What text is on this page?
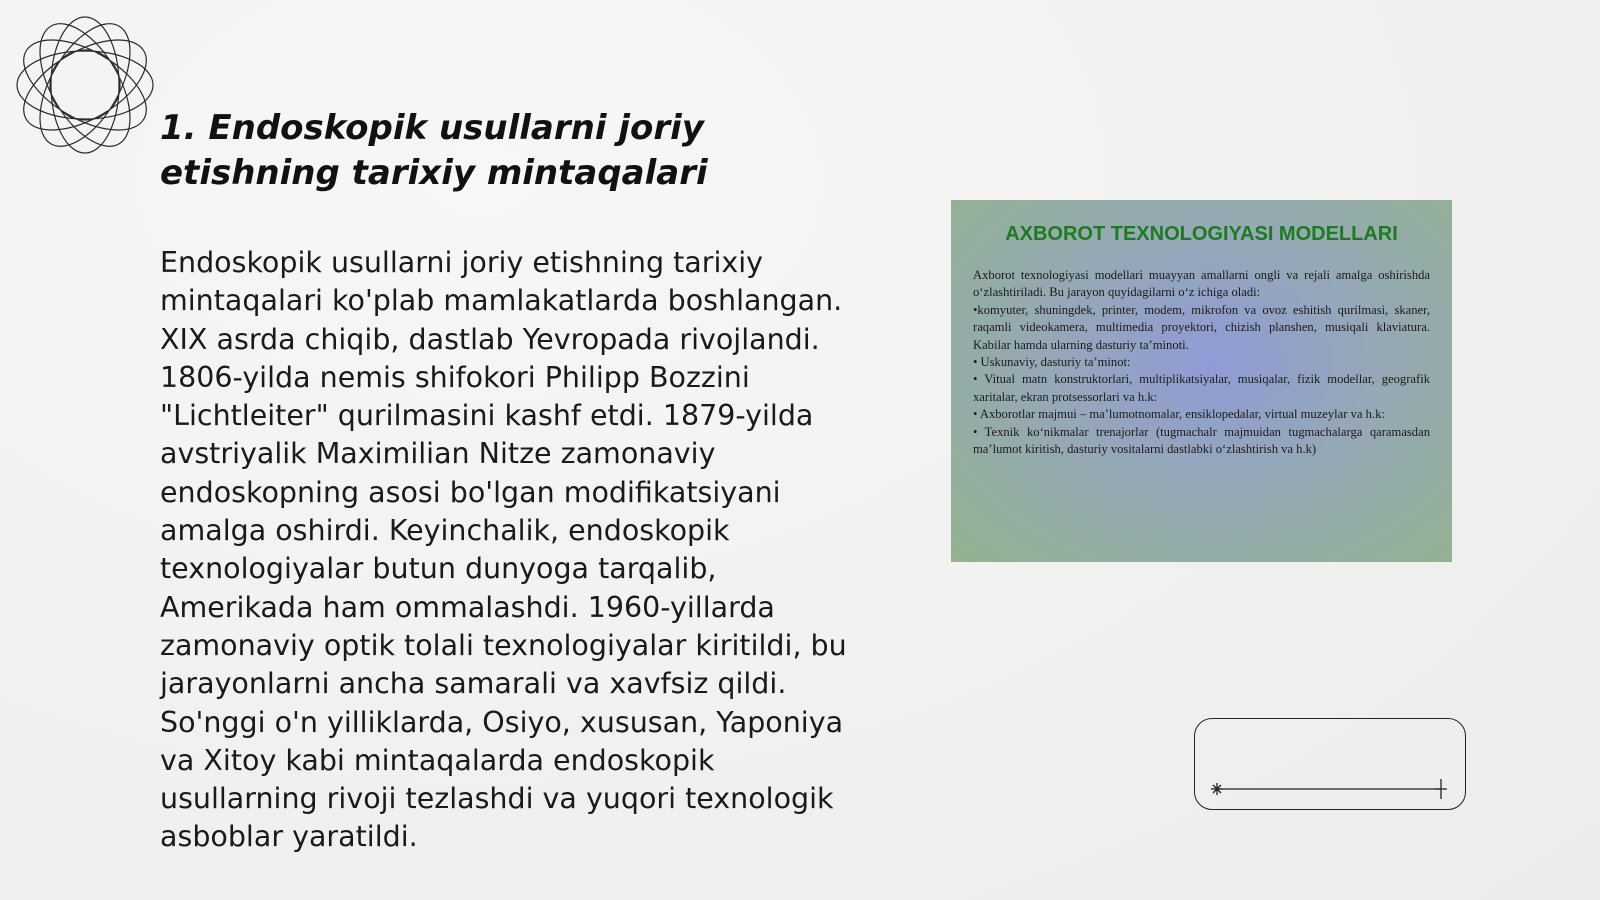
1. Endoskopik usullarni joriy etishning tarixiy mintaqalari

Endoskopik usullarni joriy etishning tarixiy mintaqalari ko'plab mamlakatlarda boshlangan. XIX asrda chiqib, dastlab Yevropada rivojlandi. 1806-yilda nemis shifokori Philipp Bozzini "Lichtleiter" qurilmasini kashf etdi. 1879-yilda avstriyalik Maximilian Nitze zamonaviy endoskopning asosi bo'lgan modifikatsiyani amalga oshirdi. Keyinchalik, endoskopik texnologiyalar butun dunyoga tarqalib, Amerikada ham ommalashdi. 1960-yillarda zamonaviy optik tolali texnologiyalar kiritildi, bu jarayonlarni ancha samarali va xavfsiz qildi. So'nggi o'n yilliklarda, Osiyo, xususan, Yaponiya va Xitoy kabi mintaqalarda endoskopik usullarning rivoji tezlashdi va yuqori texnologik asboblar yaratildi.

AXBOROT TEXNOLOGIYASI MODELLARI

Axborot texnologiyasi modellari muayyan amallarni ongli va rejali amalga oshirishda o‘zlashtiriladi. Bu jarayon quyidagilarni o‘z ichiga oladi:

•komyuter, shuningdek, printer, modem, mikrofon va ovoz eshitish qurilmasi, skaner, raqamli videokamera, multimedia proyektori, chizish planshen, musiqali klaviatura. Kabilar hamda ularning dasturiy ta’minoti.

• Uskunaviy, dasturiy ta’minot:

• Vitual matn konstruktorlari, multiplikatsiyalar, musiqalar, fizik modellar, geografik xaritalar, ekran protsessorlari va h.k:

• Axborotlar majmui – ma’lumotnomalar, ensiklopedalar, virtual muzeylar va h.k:

• Texnik ko‘nikmalar trenajorlar (tugmachalr majmuidan tugmachalarga qaramasdan ma’lumot kiritish, dasturiy vositalarni dastlabki o‘zlashtirish va h.k)
